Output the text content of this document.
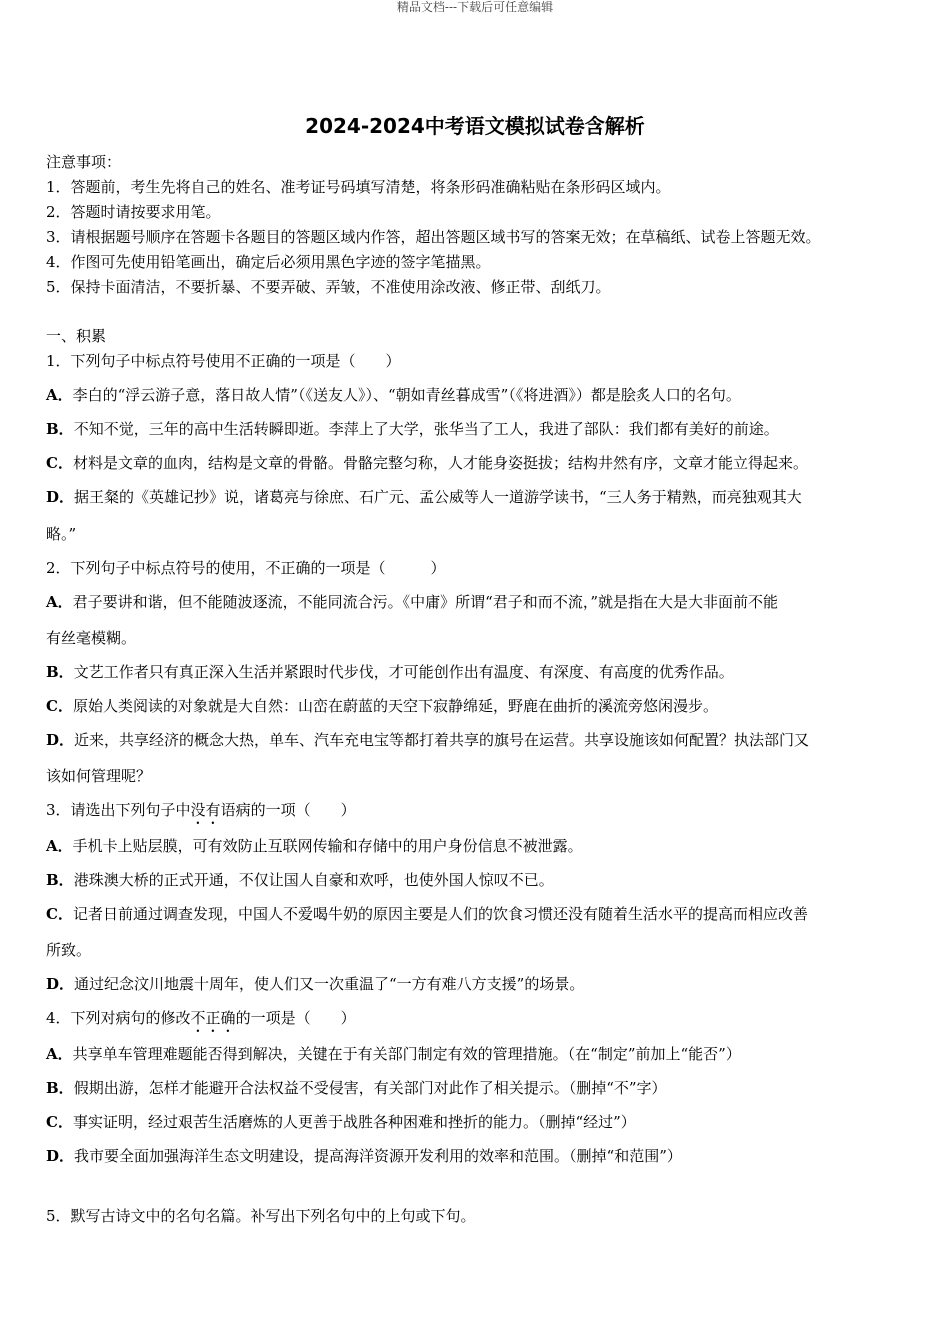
精品文档---下载后可任意编辑
2024-2024中考语文模拟试卷含解析
注意事项：
1．答题前，考生先将自己的姓名、准考证号码填写清楚，将条形码准确粘贴在条形码区域内。
2．答题时请按要求用笔。
3．请根据题号顺序在答题卡各题目的答题区域内作答，超出答题区域书写的答案无效；在草稿纸、试卷上答题无效。
4．作图可先使用铅笔画出，确定后必须用黑色字迹的签字笔描黑。
5．保持卡面清洁，不要折暴、不要弄破、弄皱，不准使用涂改液、修正带、刮纸刀。
一、积累
1．下列句子中标点符号使用不正确的一项是（　　）
A．李白的“浮云游子意，落日故人情”（《送友人》）、“朝如青丝暮成雪”（《将进酒》）都是脍炙人口的名句。
B．不知不觉，三年的高中生活转瞬即逝。李萍上了大学，张华当了工人，我进了部队：我们都有美好的前途。
C．材料是文章的血肉，结构是文章的骨骼。骨骼完整匀称，人才能身姿挺拔；结构井然有序，文章才能立得起来。
D．据王粲的《英雄记抄》说，诸葛亮与徐庶、石广元、孟公威等人一道游学读书，“三人务于精熟，而亮独观其大
略。”
2．下列句子中标点符号的使用，不正确的一项是（　　　）
A．君子要讲和谐，但不能随波逐流，不能同流合污。《中庸》所谓“君子和而不流，”就是指在大是大非面前不能
有丝毫模糊。
B．文艺工作者只有真正深入生活并紧跟时代步伐，才可能创作出有温度、有深度、有高度的优秀作品。
C．原始人类阅读的对象就是大自然：山峦在蔚蓝的天空下寂静绵延，野鹿在曲折的溪流旁悠闲漫步。
D．近来，共享经济的概念大热，单车、汽车充电宝等都打着共享的旗号在运营。共享设施该如何配置？执法部门又
该如何管理呢？
3．请选出下列句子中没有语病的一项（　　）
A．手机卡上贴层膜，可有效防止互联网传输和存储中的用户身份信息不被泄露。
B．港珠澳大桥的正式开通，不仅让国人自豪和欢呼，也使外国人惊叹不已。
C．记者日前通过调查发现，中国人不爱喝牛奶的原因主要是人们的饮食习惯还没有随着生活水平的提高而相应改善
所致。
D．通过纪念汶川地震十周年，使人们又一次重温了“一方有难八方支援”的场景。
4．下列对病句的修改不正确的一项是（　　）
A．共享单车管理难题能否得到解决，关键在于有关部门制定有效的管理措施。（在“制定”前加上“能否”）
B．假期出游，怎样才能避开合法权益不受侵害，有关部门对此作了相关提示。（删掉“不”字）
C．事实证明，经过艰苦生活磨炼的人更善于战胜各种困难和挫折的能力。（删掉“经过”）
D．我市要全面加强海洋生态文明建设，提高海洋资源开发利用的效率和范围。（删掉“和范围”）
5．默写古诗文中的名句名篇。补写出下列名句中的上句或下句。
